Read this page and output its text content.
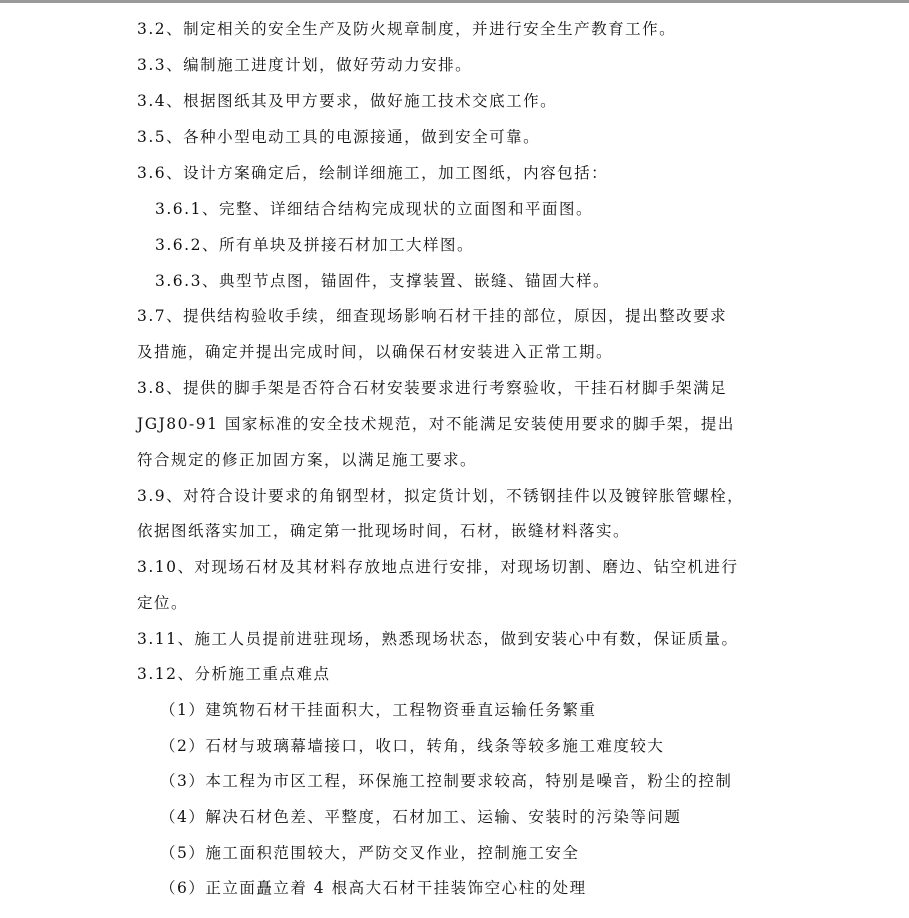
3.2、制定相关的安全生产及防火规章制度，并进行安全生产教育工作。
3.3、编制施工进度计划，做好劳动力安排。
3.4、根据图纸其及甲方要求，做好施工技术交底工作。
3.5、各种小型电动工具的电源接通，做到安全可靠。
3.6、设计方案确定后，绘制详细施工，加工图纸，内容包括：
3.6.1、完整、详细结合结构完成现状的立面图和平面图。
3.6.2、所有单块及拼接石材加工大样图。
3.6.3、典型节点图，锚固件，支撑装置、嵌缝、锚固大样。
3.7、提供结构验收手续，细查现场影响石材干挂的部位，原因，提出整改要求
及措施，确定并提出完成时间，以确保石材安装进入正常工期。
3.8、提供的脚手架是否符合石材安装要求进行考察验收，干挂石材脚手架满足
JGJ80-91 国家标准的安全技术规范，对不能满足安装使用要求的脚手架，提出
符合规定的修正加固方案，以满足施工要求。
3.9、对符合设计要求的角钢型材，拟定货计划，不锈钢挂件以及镀锌胀管螺栓，
依据图纸落实加工，确定第一批现场时间，石材，嵌缝材料落实。
3.10、对现场石材及其材料存放地点进行安排，对现场切割、磨边、钻空机进行
定位。
3.11、施工人员提前进驻现场，熟悉现场状态，做到安装心中有数，保证质量。
3.12、分析施工重点难点
（1）建筑物石材干挂面积大，工程物资垂直运输任务繁重
（2）石材与玻璃幕墙接口，收口，转角，线条等较多施工难度较大
（3）本工程为市区工程，环保施工控制要求较高，特别是噪音，粉尘的控制
（4）解决石材色差、平整度，石材加工、运输、安装时的污染等问题
（5）施工面积范围较大，严防交叉作业，控制施工安全
（6）正立面矗立着 4 根高大石材干挂装饰空心柱的处理
